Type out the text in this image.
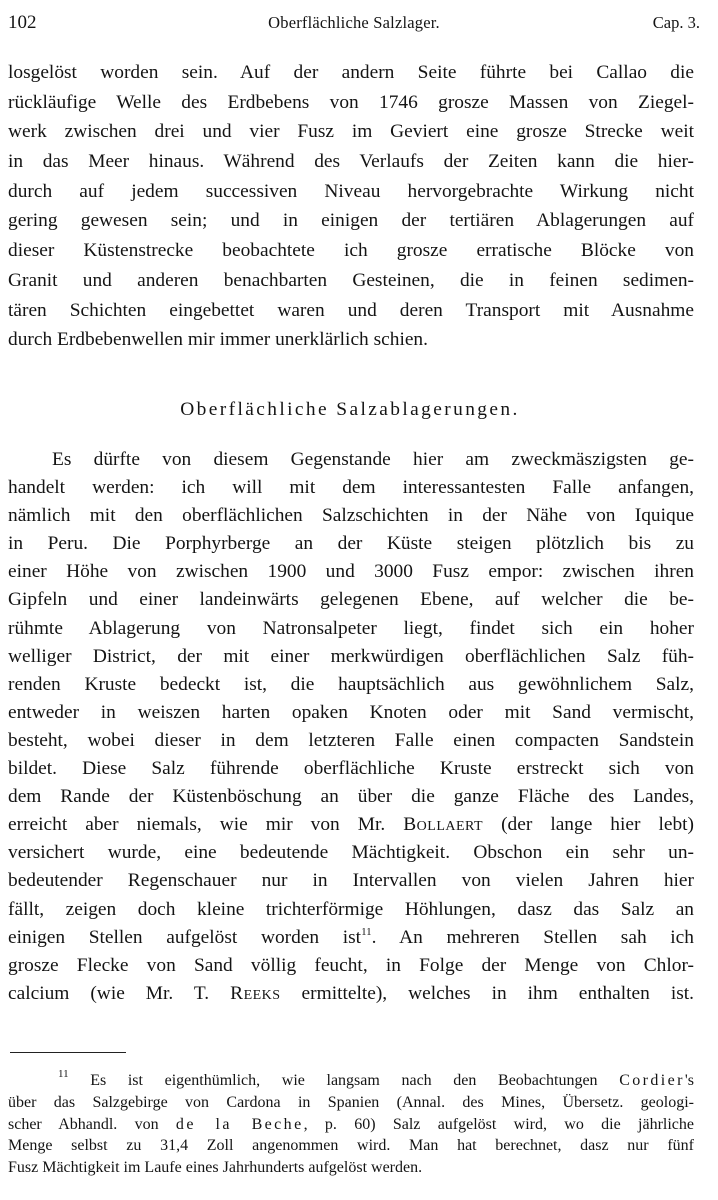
102	Oberflächliche Salzlager.	Cap. 3.
losgelöst worden sein. Auf der andern Seite führte bei Callao die
rückläufige Welle des Erdbebens von 1746 grosze Massen von Ziegel-
werk zwischen drei und vier Fusz im Geviert eine grosze Strecke weit
in das Meer hinaus. Während des Verlaufs der Zeiten kann die hier-
durch auf jedem successiven Niveau hervorgebrachte Wirkung nicht
gering gewesen sein; und in einigen der tertiären Ablagerungen auf
dieser Küstenstrecke beobachtete ich grosze erratische Blöcke von
Granit und anderen benachbarten Gesteinen, die in feinen sedimen-
tären Schichten eingebettet waren und deren Transport mit Ausnahme
durch Erdbebenwellen mir immer unerklärlich schien.
Oberflächliche Salzablagerungen.
Es dürfte von diesem Gegenstande hier am zweckmäszigsten ge-
handelt werden: ich will mit dem interessantesten Falle anfangen,
nämlich mit den oberflächlichen Salzschichten in der Nähe von Iquique
in Peru. Die Porphyrberge an der Küste steigen plötzlich bis zu
einer Höhe von zwischen 1900 und 3000 Fusz empor: zwischen ihren
Gipfeln und einer landeinwärts gelegenen Ebene, auf welcher die be-
rühmte Ablagerung von Natronsalpeter liegt, findet sich ein hoher
welliger District, der mit einer merkwürdigen oberflächlichen Salz füh-
renden Kruste bedeckt ist, die hauptsächlich aus gewöhnlichem Salz,
entweder in weiszen harten opaken Knoten oder mit Sand vermischt,
besteht, wobei dieser in dem letzteren Falle einen compacten Sandstein
bildet. Diese Salz führende oberflächliche Kruste erstreckt sich von
dem Rande der Küstenböschung an über die ganze Fläche des Landes,
erreicht aber niemals, wie mir von Mr. Bollaert (der lange hier lebt)
versichert wurde, eine bedeutende Mächtigkeit. Obschon ein sehr un-
bedeutender Regenschauer nur in Intervallen von vielen Jahren hier
fällt, zeigen doch kleine trichterförmige Höhlungen, dasz das Salz an
einigen Stellen aufgelöst worden ist$^{11}$. An mehreren Stellen sah ich
grosze Flecke von Sand völlig feucht, in Folge der Menge von Chlor-
calcium (wie Mr. T. Reeks ermittelte), welches in ihm enthalten ist.
$^{11}$ Es ist eigenthümlich, wie langsam nach den Beobachtungen Cordier's
über das Salzgebirge von Cardona in Spanien (Annal. des Mines, Übersetz. geologi-
scher Abhandl. von de la Beche, p. 60) Salz aufgelöst wird, wo die jährliche
Menge selbst zu 31,4 Zoll angenommen wird. Man hat berechnet, dasz nur fünf
Fusz Mächtigkeit im Laufe eines Jahrhunderts aufgelöst werden.
